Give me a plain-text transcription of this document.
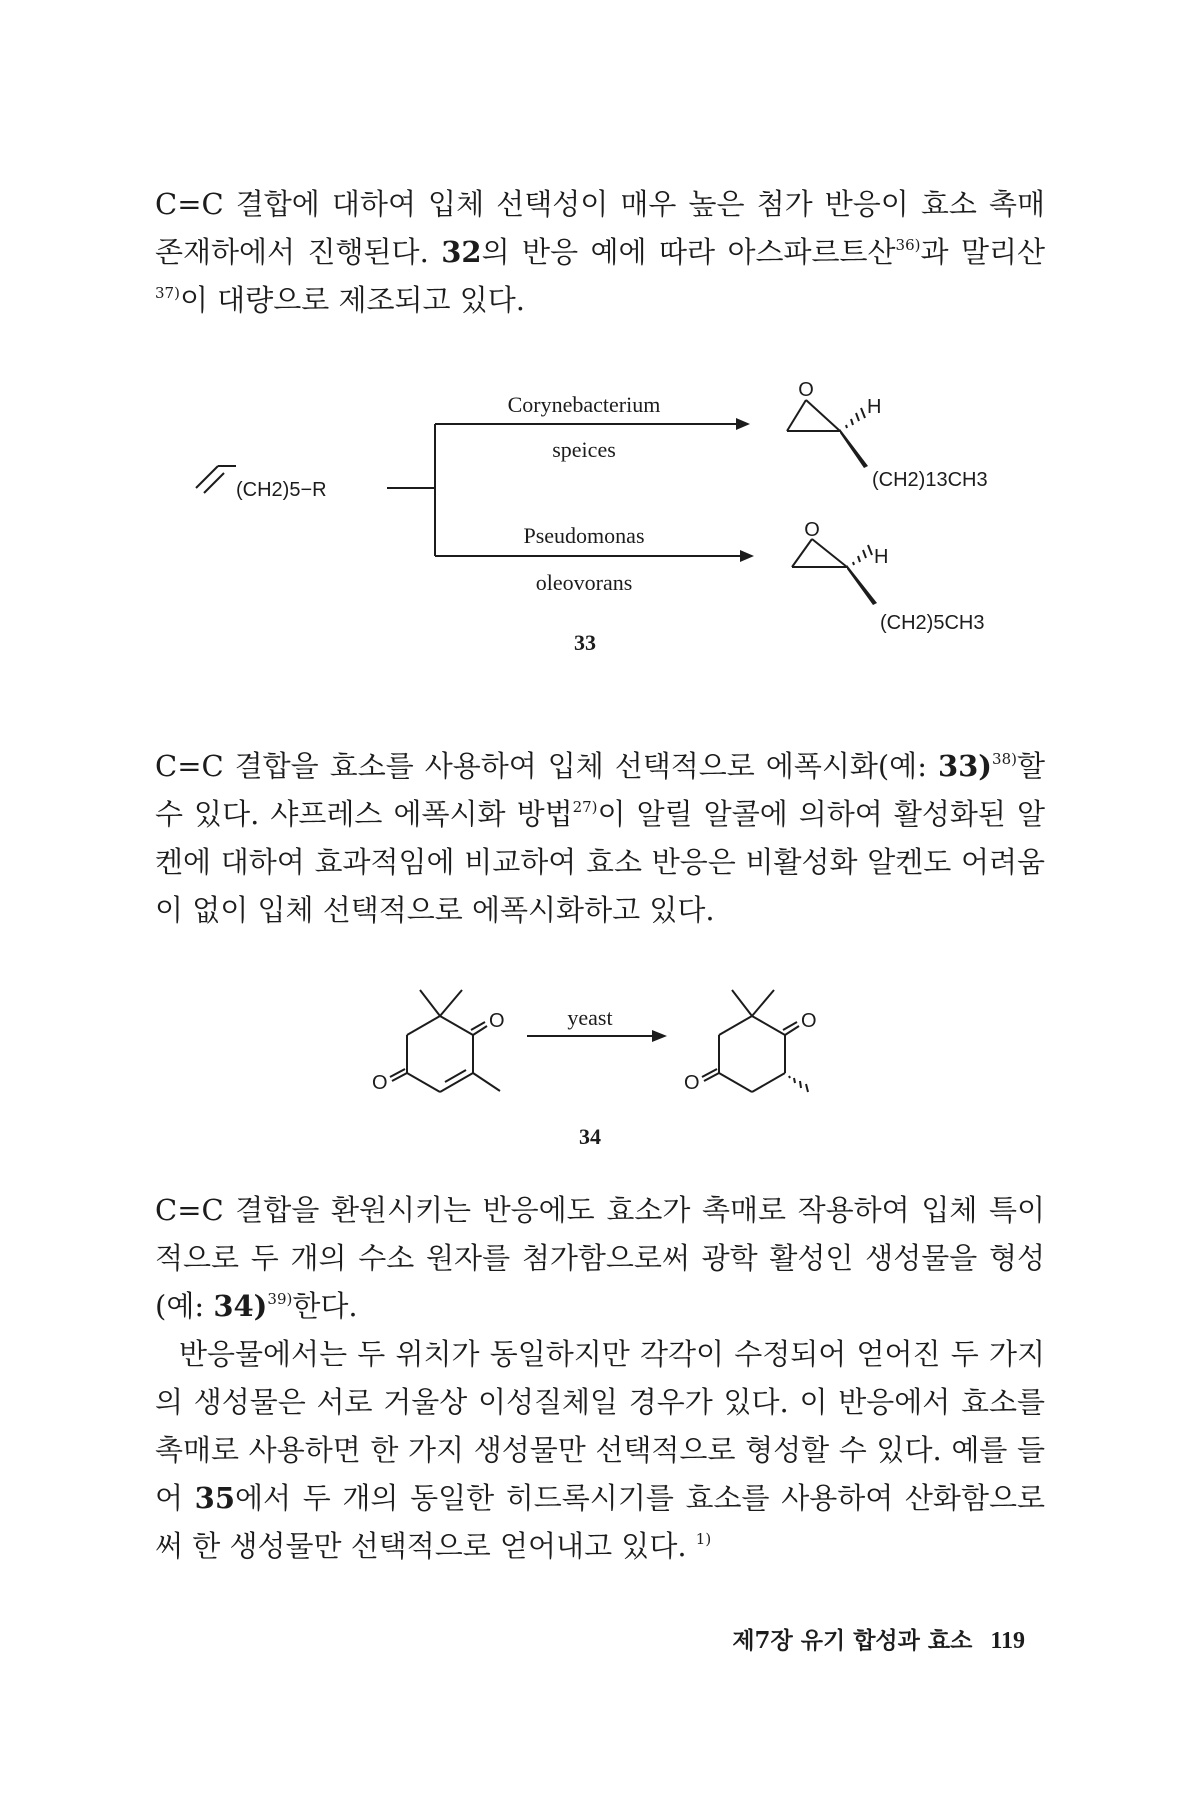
C=C 결합에 대하여 입체 선택성이 매우 높은 첨가 반응이 효소 촉매 존재하에서 진행된다. 32의 반응 예에 따라 아스파르트산$^{36)}$과 말리산$^{37)}$이 대량으로 제조되고 있다.

(CH2)5−R
Corynebacterium
speices
Pseudomonas
oleovorans
O
H
(CH2)13CH3
O
H
(CH2)5CH3
33

C=C 결합을 효소를 사용하여 입체 선택적으로 에폭시화(예: 33)$^{38)}$할 수 있다. 샤프레스 에폭시화 방법$^{27)}$이 알릴 알콜에 의하여 활성화된 알켄에 대하여 효과적임에 비교하여 효소 반응은 비활성화 알켄도 어려움이 없이 입체 선택적으로 에폭시화하고 있다.

O
O
yeast	O
O
34

C=C 결합을 환원시키는 반응에도 효소가 촉매로 작용하여 입체 특이적으로 두 개의 수소 원자를 첨가함으로써 광학 활성인 생성물을 형성(예: 34)$^{39)}$한다.

반응물에서는 두 위치가 동일하지만 각각이 수정되어 얻어진 두 가지의 생성물은 서로 거울상 이성질체일 경우가 있다. 이 반응에서 효소를 촉매로 사용하면 한 가지 생성물만 선택적으로 형성할 수 있다. 예를 들어 35에서 두 개의 동일한 히드록시기를 효소를 사용하여 산화함으로써 한 생성물만 선택적으로 얻어내고 있다. $^{1)}$

제7장 유기 합성과 효소 119
